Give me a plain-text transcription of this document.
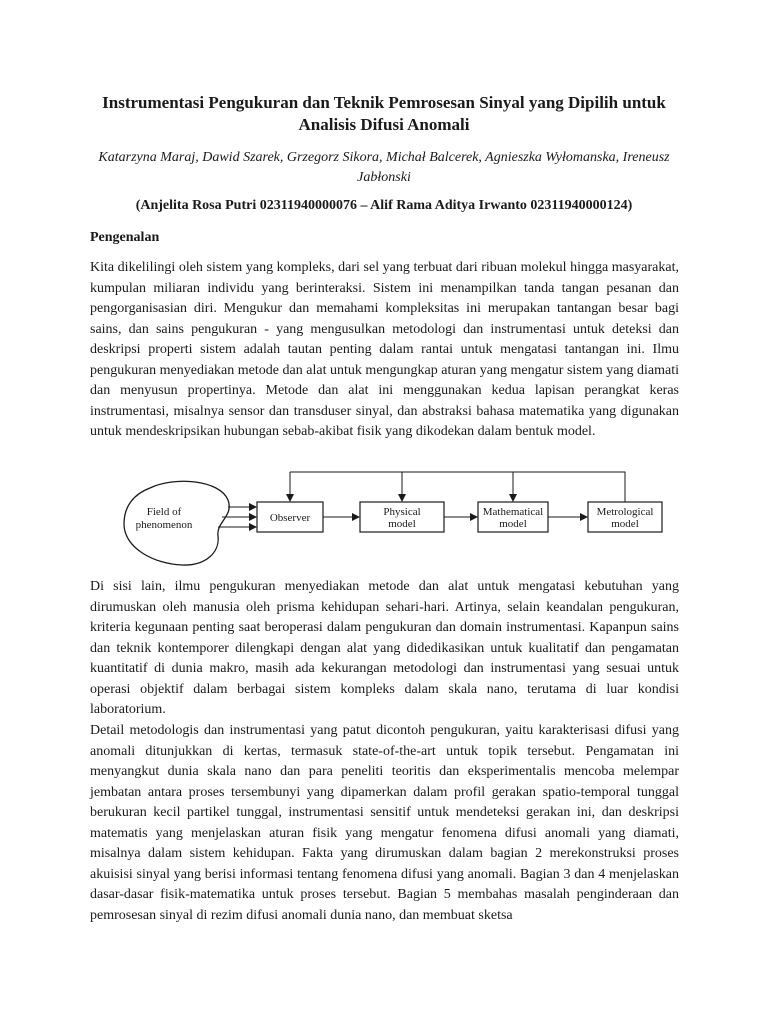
Instrumentasi Pengukuran dan Teknik Pemrosesan Sinyal yang Dipilih untuk Analisis Difusi Anomali
Katarzyna Maraj, Dawid Szarek, Grzegorz Sikora, Michał Balcerek, Agnieszka Wyłomanska, Ireneusz Jabłonski
(Anjelita Rosa Putri 02311940000076 – Alif Rama Aditya Irwanto 02311940000124)
Pengenalan

Kita dikelilingi oleh sistem yang kompleks, dari sel yang terbuat dari ribuan molekul hingga masyarakat, kumpulan miliaran individu yang berinteraksi. Sistem ini menampilkan tanda tangan pesanan dan pengorganisasian diri. Mengukur dan memahami kompleksitas ini merupakan tantangan besar bagi sains, dan sains pengukuran - yang mengusulkan metodologi dan instrumentasi untuk deteksi dan deskripsi properti sistem adalah tautan penting dalam rantai untuk mengatasi tantangan ini. Ilmu pengukuran menyediakan metode dan alat untuk mengungkap aturan yang mengatur sistem yang diamati dan menyusun propertinya. Metode dan alat ini menggunakan kedua lapisan perangkat keras instrumentasi, misalnya sensor dan transduser sinyal, dan abstraksi bahasa matematika yang digunakan untuk mendeskripsikan hubungan sebab-akibat fisik yang dikodekan dalam bentuk model.

Field of
phenomenon
Observer	Physical
model
Mathematical
model
Metrological
model

Di sisi lain, ilmu pengukuran menyediakan metode dan alat untuk mengatasi kebutuhan yang dirumuskan oleh manusia oleh prisma kehidupan sehari-hari. Artinya, selain keandalan pengukuran, kriteria kegunaan penting saat beroperasi dalam pengukuran dan domain instrumentasi. Kapanpun sains dan teknik kontemporer dilengkapi dengan alat yang didedikasikan untuk kualitatif dan pengamatan kuantitatif di dunia makro, masih ada kekurangan metodologi dan instrumentasi yang sesuai untuk operasi objektif dalam berbagai sistem kompleks dalam skala nano, terutama di luar kondisi laboratorium.

Detail metodologis dan instrumentasi yang patut dicontoh pengukuran, yaitu karakterisasi difusi yang anomali ditunjukkan di kertas, termasuk state-of-the-art untuk topik tersebut. Pengamatan ini menyangkut dunia skala nano dan para peneliti teoritis dan eksperimentalis mencoba melempar jembatan antara proses tersembunyi yang dipamerkan dalam profil gerakan spatio-temporal tunggal berukuran kecil partikel tunggal, instrumentasi sensitif untuk mendeteksi gerakan ini, dan deskripsi matematis yang menjelaskan aturan fisik yang mengatur fenomena difusi anomali yang diamati, misalnya dalam sistem kehidupan. Fakta yang dirumuskan dalam bagian 2 merekonstruksi proses akuisisi sinyal yang berisi informasi tentang fenomena difusi yang anomali. Bagian 3 dan 4 menjelaskan dasar-dasar fisik-matematika untuk proses tersebut. Bagian 5 membahas masalah penginderaan dan pemrosesan sinyal di rezim difusi anomali dunia nano, dan membuat sketsa
